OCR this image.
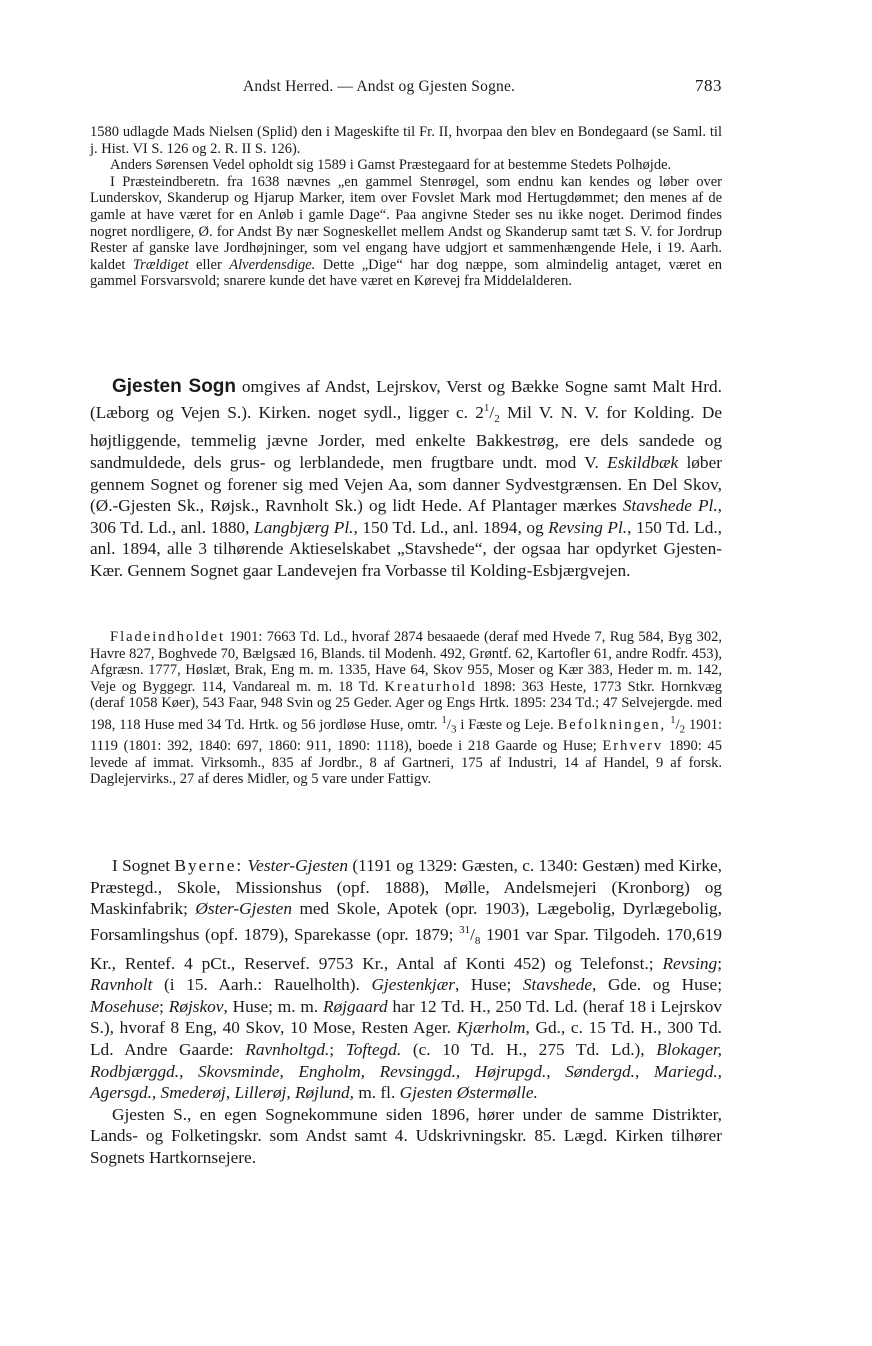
Andst Herred. — Andst og Gjesten Sogne.	783

1580 udlagde Mads Nielsen (Splid) den i Mageskifte til Fr. II, hvorpaa den blev en Bondegaard (se Saml. til j. Hist. VI S. 126 og 2. R. II S. 126).

Anders Sørensen Vedel opholdt sig 1589 i Gamst Præstegaard for at bestemme Stedets Polhøjde.

I Præsteindberetn. fra 1638 nævnes „en gammel Stenrøgel, som endnu kan kendes og løber over Lunderskov, Skanderup og Hjarup Marker, item over Fovslet Mark mod Hertugdømmet; den menes af de gamle at have været for en Anløb i gamle Dage“. Paa angivne Steder ses nu ikke noget. Derimod findes nogret nordligere, Ø. for Andst By nær Sogneskellet mellem Andst og Skanderup samt tæt S. V. for Jordrup Rester af ganske lave Jordhøjninger, som vel engang have udgjort et sammenhængende Hele, i 19. Aarh. kaldet Trældiget eller Alverdensdige. Dette „Dige“ har dog næppe, som almindelig antaget, været en gammel Forsvarsvold; snarere kunde det have været en Kørevej fra Middelalderen.

Gjesten Sogn omgives af Andst, Lejrskov, Verst og Bække Sogne samt Malt Hrd. (Læborg og Vejen S.). Kirken. noget sydl., ligger c. $2^1/_2$ Mil V. N. V. for Kolding. De højtliggende, temmelig jævne Jorder, med enkelte Bakkestrøg, ere dels sandede og sandmuldede, dels grus- og lerblandede, men frugtbare undt. mod V. Eskildbæk løber gennem Sognet og forener sig med Vejen Aa, som danner Sydvestgrænsen. En Del Skov, (Ø.-Gjesten Sk., Røjsk., Ravnholt Sk.) og lidt Hede. Af Plantager mærkes Stavshede Pl., 306 Td. Ld., anl. 1880, Langbjærg Pl., 150 Td. Ld., anl. 1894, og Revsing Pl., 150 Td. Ld., anl. 1894, alle 3 tilhørende Aktieselskabet „Stavshede“, der ogsaa har opdyrket Gjesten-Kær. Gennem Sognet gaar Landevejen fra Vorbasse til Kolding-Esbjærgvejen.

Fladeindholdet 1901: 7663 Td. Ld., hvoraf 2874 besaaede (deraf med Hvede 7, Rug 584, Byg 302, Havre 827, Boghvede 70, Bælgsæd 16, Blands. til Modenh. 492, Grøntf. 62, Kartofler 61, andre Rodfr. 453), Afgræsn. 1777, Høslæt, Brak, Eng m. m. 1335, Have 64, Skov 955, Moser og Kær 383, Heder m. m. 142, Veje og Byggegr. 114, Vandareal m. m. 18 Td. Kreaturhold 1898: 363 Heste, 1773 Stkr. Hornkvæg (deraf 1058 Køer), 543 Faar, 948 Svin og 25 Geder. Ager og Engs Hrtk. 1895: 234 Td.; 47 Selvejergde. med 198, 118 Huse med 34 Td. Hrtk. og 56 jordløse Huse, omtr. $^1/_3$ i Fæste og Leje. Befolkningen, $^1/_2$ 1901: 1119 (1801: 392, 1840: 697, 1860: 911, 1890: 1118), boede i 218 Gaarde og Huse; Erhverv 1890: 45 levede af immat. Virksomh., 835 af Jordbr., 8 af Gartneri, 175 af Industri, 14 af Handel, 9 af forsk. Daglejervirks., 27 af deres Midler, og 5 vare under Fattigv.

I Sognet Byerne: Vester-Gjesten (1191 og 1329: Gæsten, c. 1340: Gestæn) med Kirke, Præstegd., Skole, Missionshus (opf. 1888), Mølle, Andelsmejeri (Kronborg) og Maskinfabrik; Øster-Gjesten med Skole, Apotek (opr. 1903), Lægebolig, Dyrlægebolig, Forsamlingshus (opf. 1879), Sparekasse (opr. 1879; $^{31}/_8$ 1901 var Spar. Tilgodeh. 170,619 Kr., Rentef. 4 pCt., Reservef. 9753 Kr., Antal af Konti 452) og Telefonst.; Revsing; Ravnholt (i 15. Aarh.: Rauelholth). Gjestenkjær, Huse; Stavshede, Gde. og Huse; Mosehuse; Røjskov, Huse; m. m. Røjgaard har 12 Td. H., 250 Td. Ld. (heraf 18 i Lejrskov S.), hvoraf 8 Eng, 40 Skov, 10 Mose, Resten Ager. Kjærholm, Gd., c. 15 Td. H., 300 Td. Ld. Andre Gaarde: Ravnholtgd.; Toftegd. (c. 10 Td. H., 275 Td. Ld.), Blokager, Rodbjærggd., Skovsminde, Engholm, Revsinggd., Højrupgd., Søndergd., Mariegd., Agersgd., Smederøj, Lillerøj, Røjlund, m. fl. Gjesten Østermølle.

Gjesten S., en egen Sognekommune siden 1896, hører under de samme Distrikter, Lands- og Folketingskr. som Andst samt 4. Udskrivningskr. 85. Lægd. Kirken tilhører Sognets Hartkornsejere.
